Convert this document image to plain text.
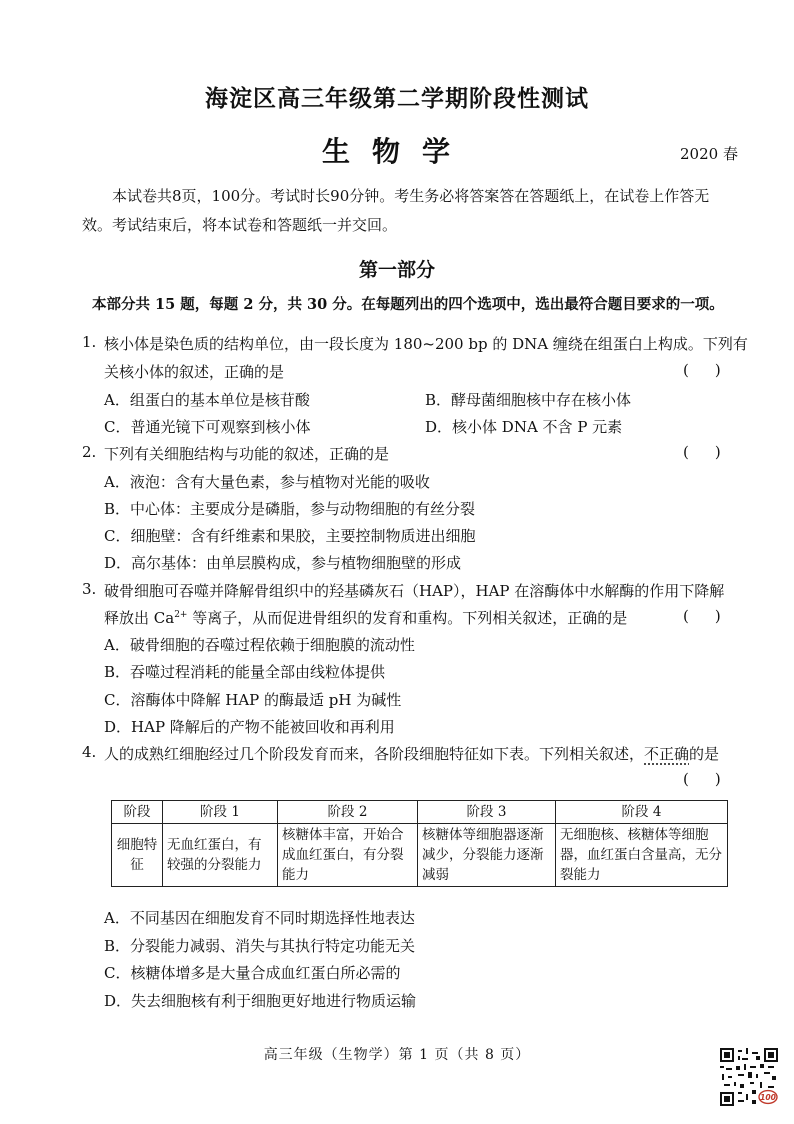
海淀区高三年级第二学期阶段性测试
生物学	2020 春
本试卷共8页，100分。考试时长90分钟。考生务必将答案答在答题纸上，在试卷上作答无效。考试结束后，将本试卷和答题纸一并交回。
第一部分
本部分共 15 题，每题 2 分，共 30 分。在每题列出的四个选项中，选出最符合题目要求的一项。
1. 核小体是染色质的结构单位，由一段长度为 180~200 bp 的 DNA 缠绕在组蛋白上构成。下列有
关核小体的叙述，正确的是	()
A．组蛋白的基本单位是核苷酸	B．酵母菌细胞核中存在核小体
C．普通光镜下可观察到核小体	D．核小体 DNA 不含 P 元素
2. 下列有关细胞结构与功能的叙述，正确的是	()
A．液泡：含有大量色素，参与植物对光能的吸收
B．中心体：主要成分是磷脂，参与动物细胞的有丝分裂
C．细胞壁：含有纤维素和果胶，主要控制物质进出细胞
D．高尔基体：由单层膜构成，参与植物细胞壁的形成
3. 破骨细胞可吞噬并降解骨组织中的羟基磷灰石（HAP），HAP 在溶酶体中水解酶的作用下降解
释放出 $Ca^{2+}$ 等离子，从而促进骨组织的发育和重构。下列相关叙述，正确的是	()
A．破骨细胞的吞噬过程依赖于细胞膜的流动性
B．吞噬过程消耗的能量全部由线粒体提供
C．溶酶体中降解 HAP 的酶最适 pH 为碱性
D．HAP 降解后的产物不能被回收和再利用
4. 人的成熟红细胞经过几个阶段发育而来，各阶段细胞特征如下表。下列相关叙述，不正确的是
()
阶段	阶段 1	阶段 2	阶段 3	阶段 4
细胞特征	无血红蛋白，有较强的分裂能力	核糖体丰富，开始合成血红蛋白，有分裂能力	核糖体等细胞器逐渐减少，分裂能力逐渐减弱	无细胞核、核糖体等细胞器，血红蛋白含量高，无分裂能力
A．不同基因在细胞发育不同时期选择性地表达
B．分裂能力减弱、消失与其执行特定功能无关
C．核糖体增多是大量合成血红蛋白所必需的
D．失去细胞核有利于细胞更好地进行物质运输
高三年级（生物学）第 1 页（共 8 页）
100
